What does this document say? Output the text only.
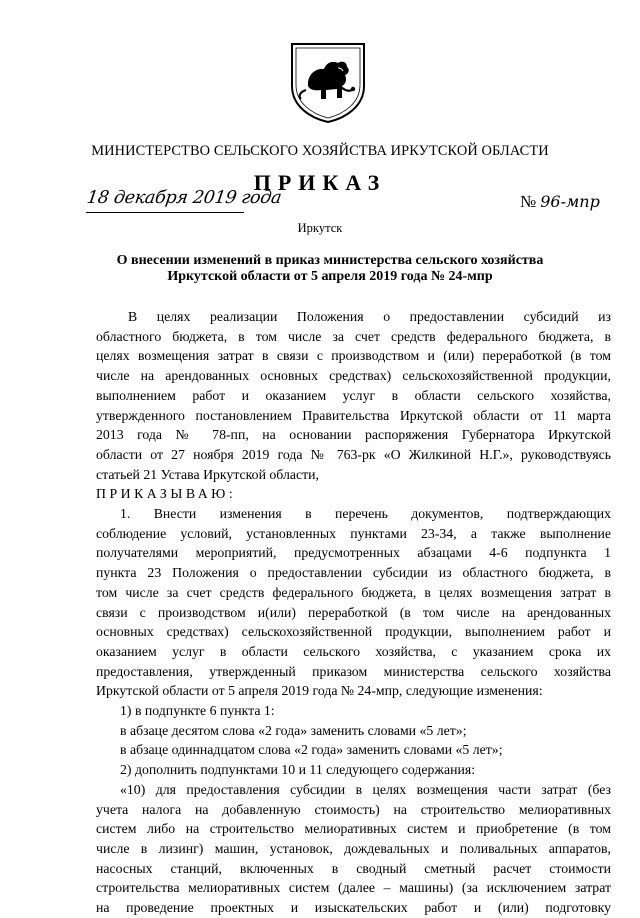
МИНИСТЕРСТВО СЕЛЬСКОГО ХОЗЯЙСТВА ИРКУТСКОЙ ОБЛАСТИ
ПРИКАЗ
18 декабря 2019 года	№ 96-мпр
Иркутск
О внесении изменений в приказ министерства сельского хозяйства
Иркутской области от 5 апреля 2019 года № 24-мпр

В целях реализации Положения о предоставлении субсидий из

областного бюджета, в том числе за счет средств федерального бюджета, в

целях возмещения затрат в связи с производством и (или) переработкой (в том

числе на арендованных основных средствах) сельскохозяйственной продукции,

выполнением работ и оказанием услуг в области сельского хозяйства,

утвержденного постановлением Правительства Иркутской области от 11 марта

2013 года № 78-пп, на основании распоряжения Губернатора Иркутской

области от 27 ноября 2019 года № 763-рк «О Жилкиной Н.Г.», руководствуясь

статьей 21 Устава Иркутской области,

ПРИКАЗЫВАЮ:

1. Внести изменения в перечень документов, подтверждающих

соблюдение условий, установленных пунктами 23-34, а также выполнение

получателями мероприятий, предусмотренных абзацами 4-6 подпункта 1

пункта 23 Положения о предоставлении субсидии из областного бюджета, в

том числе за счет средств федерального бюджета, в целях возмещения затрат в

связи с производством и(или) переработкой (в том числе на арендованных

основных средствах) сельскохозяйственной продукции, выполнением работ и

оказанием услуг в области сельского хозяйства, с указанием срока их

предоставления, утвержденный приказом министерства сельского хозяйства

Иркутской области от 5 апреля 2019 года № 24-мпр, следующие изменения:

1) в подпункте 6 пункта 1:

в абзаце десятом слова «2 года» заменить словами «5 лет»;

в абзаце одиннадцатом слова «2 года» заменить словами «5 лет»;

2) дополнить подпунктами 10 и 11 следующего содержания:

«10) для предоставления субсидии в целях возмещения части затрат (без

учета налога на добавленную стоимость) на строительство мелиоративных

систем либо на строительство мелиоративных систем и приобретение (в том

числе в лизинг) машин, установок, дождевальных и поливальных аппаратов,

насосных станций, включенных в сводный сметный расчет стоимости

строительства мелиоративных систем (далее – машины) (за исключением затрат

на проведение проектных и изыскательских работ и (или) подготовку
